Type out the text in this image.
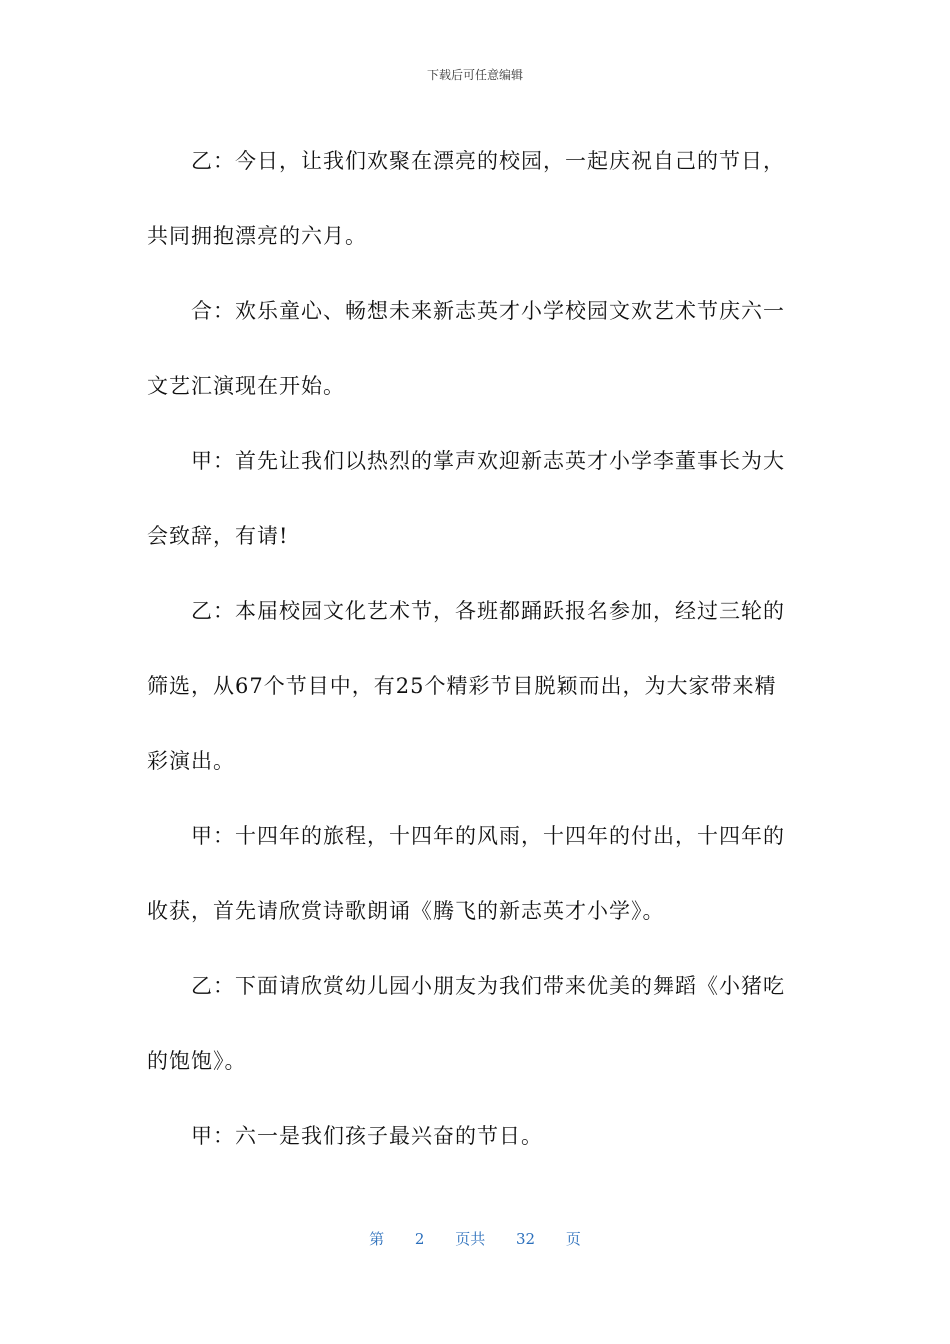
下载后可任意编辑

乙：今日，让我们欢聚在漂亮的校园，一起庆祝自己的节日，共同拥抱漂亮的六月。

合：欢乐童心、畅想未来新志英才小学校园文欢艺术节庆六一文艺汇演现在开始。

甲：首先让我们以热烈的掌声欢迎新志英才小学李董事长为大会致辞，有请!

乙：本届校园文化艺术节，各班都踊跃报名参加，经过三轮的筛选，从67个节目中，有25个精彩节目脱颖而出，为大家带来精彩演出。

甲：十四年的旅程，十四年的风雨，十四年的付出，十四年的收获，首先请欣赏诗歌朗诵《腾飞的新志英才小学》。

乙：下面请欣赏幼儿园小朋友为我们带来优美的舞蹈《小猪吃的饱饱》。

甲：六一是我们孩子最兴奋的节日。

第 2 页共 32 页
